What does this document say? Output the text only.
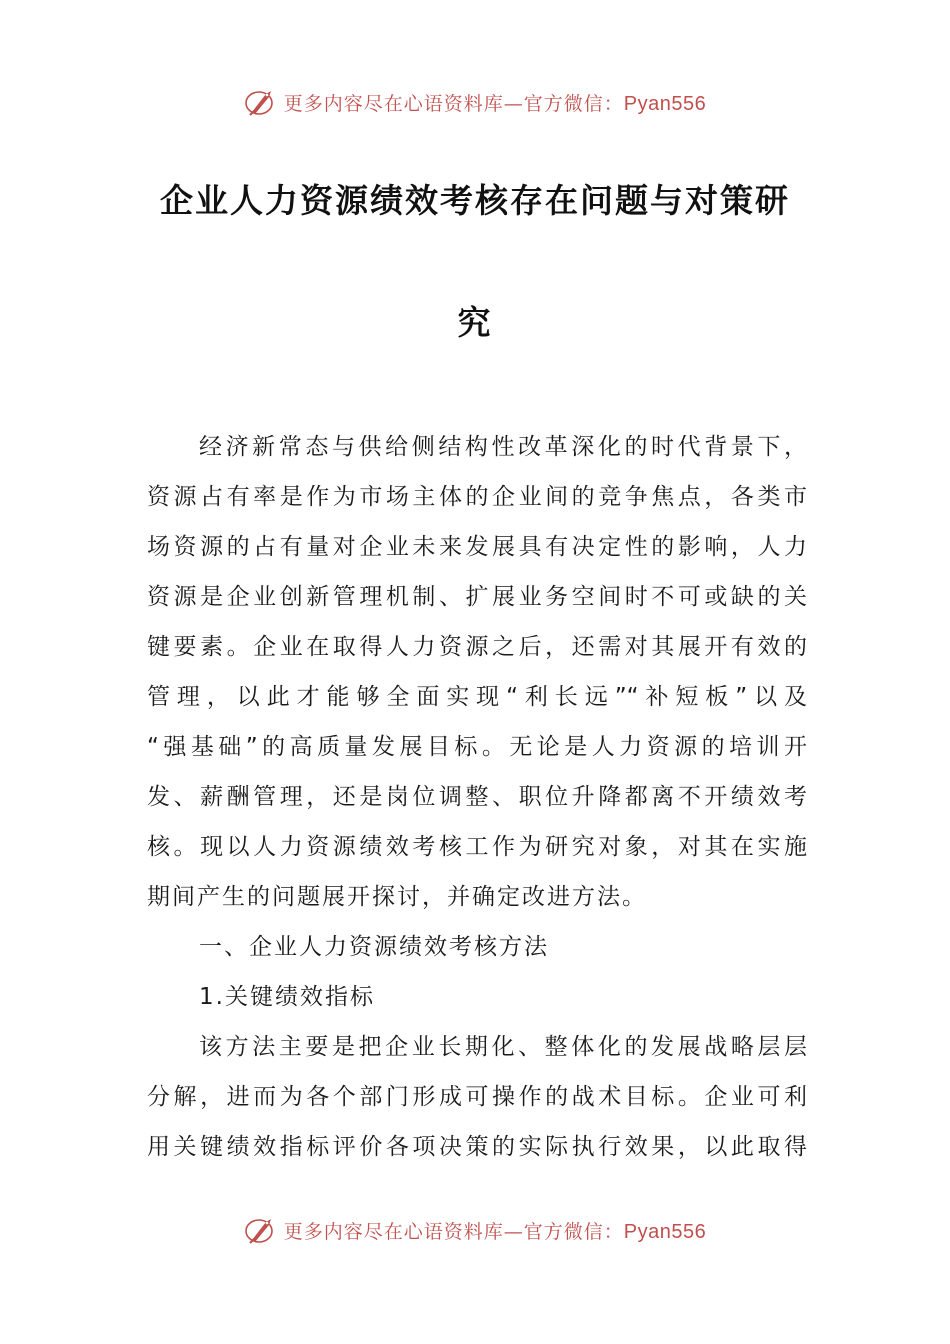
更多内容尽在心语资料库—官方微信：Pyan556
企业人力资源绩效考核存在问题与对策研
究
经济新常态与供给侧结构性改革深化的时代背景下，
资源占有率是作为市场主体的企业间的竞争焦点，各类市
场资源的占有量对企业未来发展具有决定性的影响，人力
资源是企业创新管理机制、扩展业务空间时不可或缺的关
键要素。企业在取得人力资源之后，还需对其展开有效的
管理，以此才能够全面实现“利长远”“补短板”以及
“强基础”的高质量发展目标。无论是人力资源的培训开
发、薪酬管理，还是岗位调整、职位升降都离不开绩效考
核。现以人力资源绩效考核工作为研究对象，对其在实施
期间产生的问题展开探讨，并确定改进方法。
一、企业人力资源绩效考核方法
1.关键绩效指标
该方法主要是把企业长期化、整体化的发展战略层层
分解，进而为各个部门形成可操作的战术目标。企业可利
用关键绩效指标评价各项决策的实际执行效果，以此取得
更多内容尽在心语资料库—官方微信：Pyan556
